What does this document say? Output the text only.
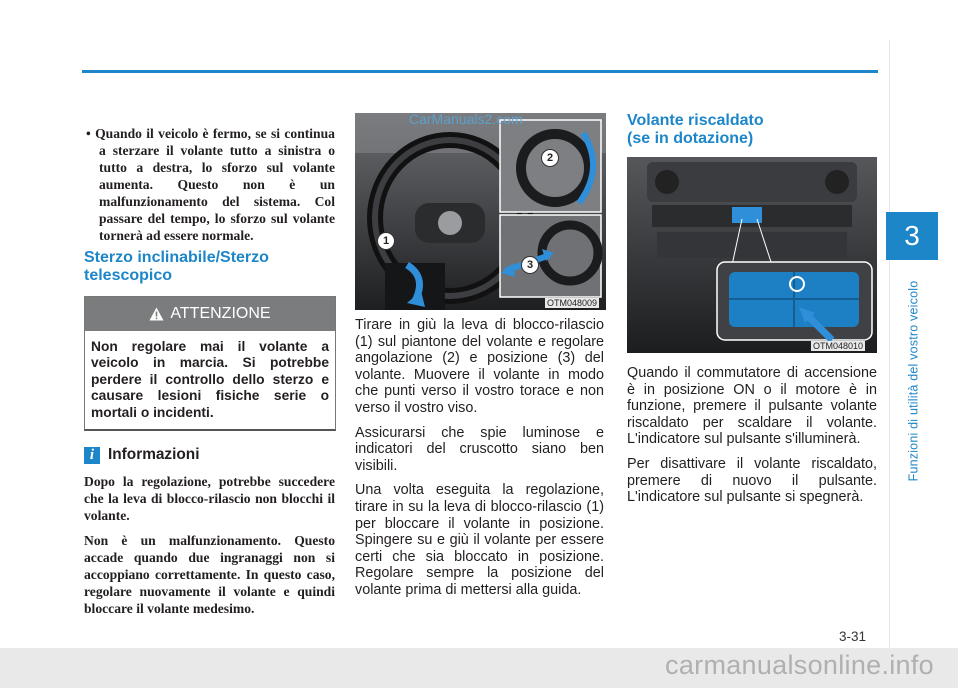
3
Funzioni di utilità del vostro veicolo

• Quando il veicolo è fermo, se si continua a sterzare il volante tutto a sinistra o tutto a destra, lo sforzo sul volante aumenta. Questo non è un malfunzionamento del sistema. Col passare del tempo, lo sforzo sul volante tornerà ad essere normale.

Sterzo inclinabile/Sterzo telescopico
ATTENZIONE
Non regolare mai il volante a veicolo in marcia. Si potrebbe perdere il controllo dello sterzo e causare lesioni fisiche serie o mortali o incidenti.
i Informazioni

Dopo la regolazione, potrebbe succedere che la leva di blocco-rilascio non blocchi il volante.

Non è un malfunzionamento. Questo accade quando due ingranaggi non si accoppiano correttamente. In questo caso, regolare nuovamente il volante e quindi bloccare il volante medesimo.

1
2
3
OTM048009
CarManuals2.com

Tirare in giù la leva di blocco-rilascio (1) sul piantone del volante e regolare angolazione (2) e posizione (3) del volante. Muovere il volante in modo che punti verso il vostro torace e non verso il vostro viso.

Assicurarsi che spie luminose e indicatori del cruscotto siano ben visibili.

Una volta eseguita la regolazione, tirare in su la leva di blocco-rilascio (1) per bloccare il volante in posizione. Spingere su e giù il volante per essere certi che sia bloccato in posizione. Regolare sempre la posizione del volante prima di mettersi alla guida.

Volante riscaldato
(se in dotazione)
OTM048010

Quando il commutatore di accensione è in posizione ON o il motore è in funzione, premere il pulsante volante riscaldato per scaldare il volante. L'indicatore sul pulsante s'illuminerà.

Per disattivare il volante riscaldato, premere di nuovo il pulsante. L'indicatore sul pulsante si spegnerà.

3-31
carmanualsonline.info
